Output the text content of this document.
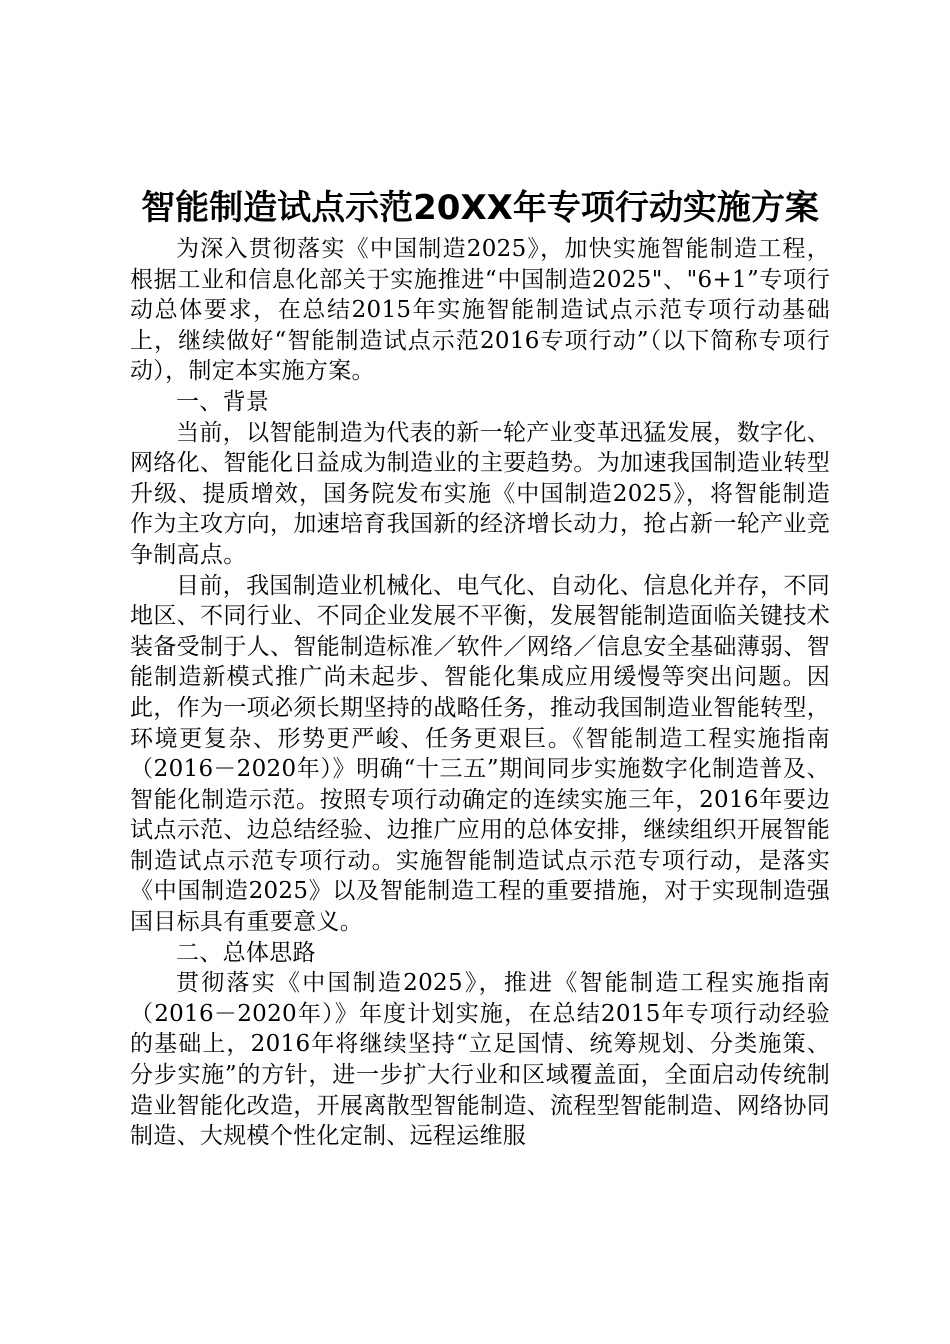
智能制造试点示范20XX年专项行动实施方案

为深入贯彻落实《中国制造2025》，加快实施智能制造工程，根据工业和信息化部关于实施推进“中国制造2025"、"6+1”专项行动总体要求，在总结2015年实施智能制造试点示范专项行动基础上，继续做好“智能制造试点示范2016专项行动”（以下简称专项行动），制定本实施方案。

一、背景

当前，以智能制造为代表的新一轮产业变革迅猛发展，数字化、网络化、智能化日益成为制造业的主要趋势。为加速我国制造业转型升级、提质增效，国务院发布实施《中国制造2025》，将智能制造作为主攻方向，加速培育我国新的经济增长动力，抢占新一轮产业竞争制高点。

目前，我国制造业机械化、电气化、自动化、信息化并存，不同地区、不同行业、不同企业发展不平衡，发展智能制造面临关键技术装备受制于人、智能制造标准／软件／网络／信息安全基础薄弱、智能制造新模式推广尚未起步、智能化集成应用缓慢等突出问题。因此，作为一项必须长期坚持的战略任务，推动我国制造业智能转型，环境更复杂、形势更严峻、任务更艰巨。《智能制造工程实施指南（2016－2020年）》明确“十三五”期间同步实施数字化制造普及、智能化制造示范。按照专项行动确定的连续实施三年，2016年要边试点示范、边总结经验、边推广应用的总体安排，继续组织开展智能制造试点示范专项行动。实施智能制造试点示范专项行动，是落实《中国制造2025》以及智能制造工程的重要措施，对于实现制造强国目标具有重要意义。

二、总体思路

贯彻落实《中国制造2025》，推进《智能制造工程实施指南（2016－2020年）》年度计划实施，在总结2015年专项行动经验的基础上，2016年将继续坚持“立足国情、统筹规划、分类施策、分步实施”的方针，进一步扩大行业和区域覆盖面，全面启动传统制造业智能化改造，开展离散型智能制造、流程型智能制造、网络协同制造、大规模个性化定制、远程运维服
